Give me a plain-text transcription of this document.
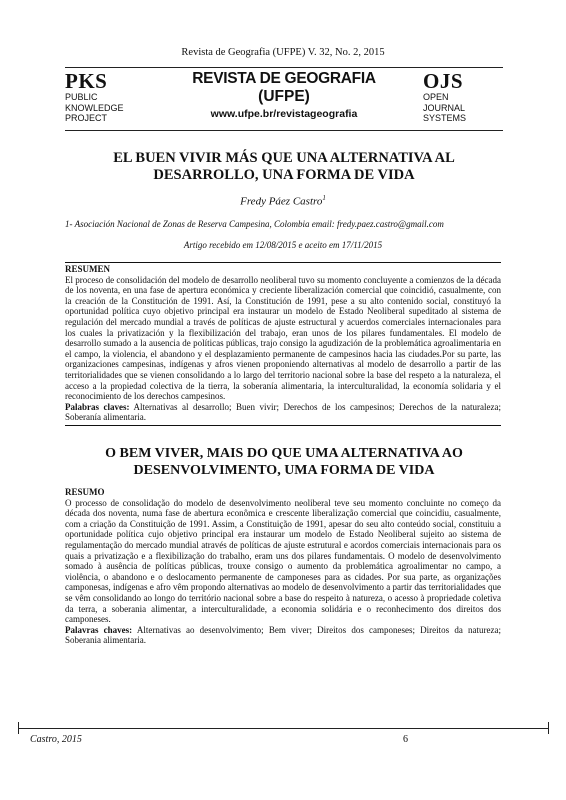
Revista de Geografia (UFPE) V. 32, No. 2, 2015
PKS
PUBLIC
KNOWLEDGE
PROJECT
REVISTA DE GEOGRAFIA
(UFPE)
www.ufpe.br/revistageografia
OJS
OPEN
JOURNAL
SYSTEMS
EL BUEN VIVIR MÁS QUE UNA ALTERNATIVA AL
DESARROLLO, UNA FORMA DE VIDA
Fredy Páez Castro$^1$
1- Asociación Nacional de Zonas de Reserva Campesina, Colombia email: fredy.paez.castro@gmail.com
Artigo recebido em 12/08/2015 e aceito em 17/11/2015
RESUMEN

El proceso de consolidación del modelo de desarrollo neoliberal tuvo su momento concluyente a comienzos de la década de los noventa, en una fase de apertura económica y creciente liberalización comercial que coincidió, casualmente, con la creación de la Constitución de 1991. Así, la Constitución de 1991, pese a su alto contenido social, constituyó la oportunidad política cuyo objetivo principal era instaurar un modelo de Estado Neoliberal supeditado al sistema de regulación del mercado mundial a través de políticas de ajuste estructural y acuerdos comerciales internacionales para los cuales la privatización y la flexibilización del trabajo, eran unos de los pilares fundamentales. El modelo de desarrollo sumado a la ausencia de políticas públicas, trajo consigo la agudización de la problemática agroalimentaria en el campo, la violencia, el abandono y el desplazamiento permanente de campesinos hacia las ciudades.Por su parte, las organizaciones campesinas, indígenas y afros vienen proponiendo alternativas al modelo de desarrollo a partir de las territorialidades que se vienen consolidando a lo largo del territorio nacional sobre la base del respeto a la naturaleza, el acceso a la propiedad colectiva de la tierra, la soberanía alimentaria, la interculturalidad, la economía solidaria y el reconocimiento de los derechos campesinos.

Palabras claves: Alternativas al desarrollo; Buen vivir; Derechos de los campesinos; Derechos de la naturaleza; Soberanía alimentaria.

O BEM VIVER, MAIS DO QUE UMA ALTERNATIVA AO
DESENVOLVIMENTO, UMA FORMA DE VIDA
RESUMO

O processo de consolidação do modelo de desenvolvimento neoliberal teve seu momento concluinte no começo da década dos noventa, numa fase de abertura econômica e crescente liberalização comercial que coincidiu, casualmente, com a criação da Constituição de 1991. Assim, a Constituição de 1991, apesar do seu alto conteúdo social, constituiu a oportunidade política cujo objetivo principal era instaurar um modelo de Estado Neoliberal sujeito ao sistema de regulamentação do mercado mundial através de políticas de ajuste estrutural e acordos comerciais internacionais para os quais a privatização e a flexibilização do trabalho, eram uns dos pilares fundamentais. O modelo de desenvolvimento somado à ausência de políticas públicas, trouxe consigo o aumento da problemática agroalimentar no campo, a violência, o abandono e o deslocamento permanente de camponeses para as cidades. Por sua parte, as organizações camponesas, indígenas e afro vêm propondo alternativas ao modelo de desenvolvimento a partir das territorialidades que se vêm consolidando ao longo do território nacional sobre a base do respeito à natureza, o acesso à propriedade coletiva da terra, a soberania alimentar, a interculturalidade, a economia solidária e o reconhecimento dos direitos dos camponeses.

Palavras chaves: Alternativas ao desenvolvimento; Bem viver; Direitos dos camponeses; Direitos da natureza; Soberania alimentaria.

Castro, 2015	6
